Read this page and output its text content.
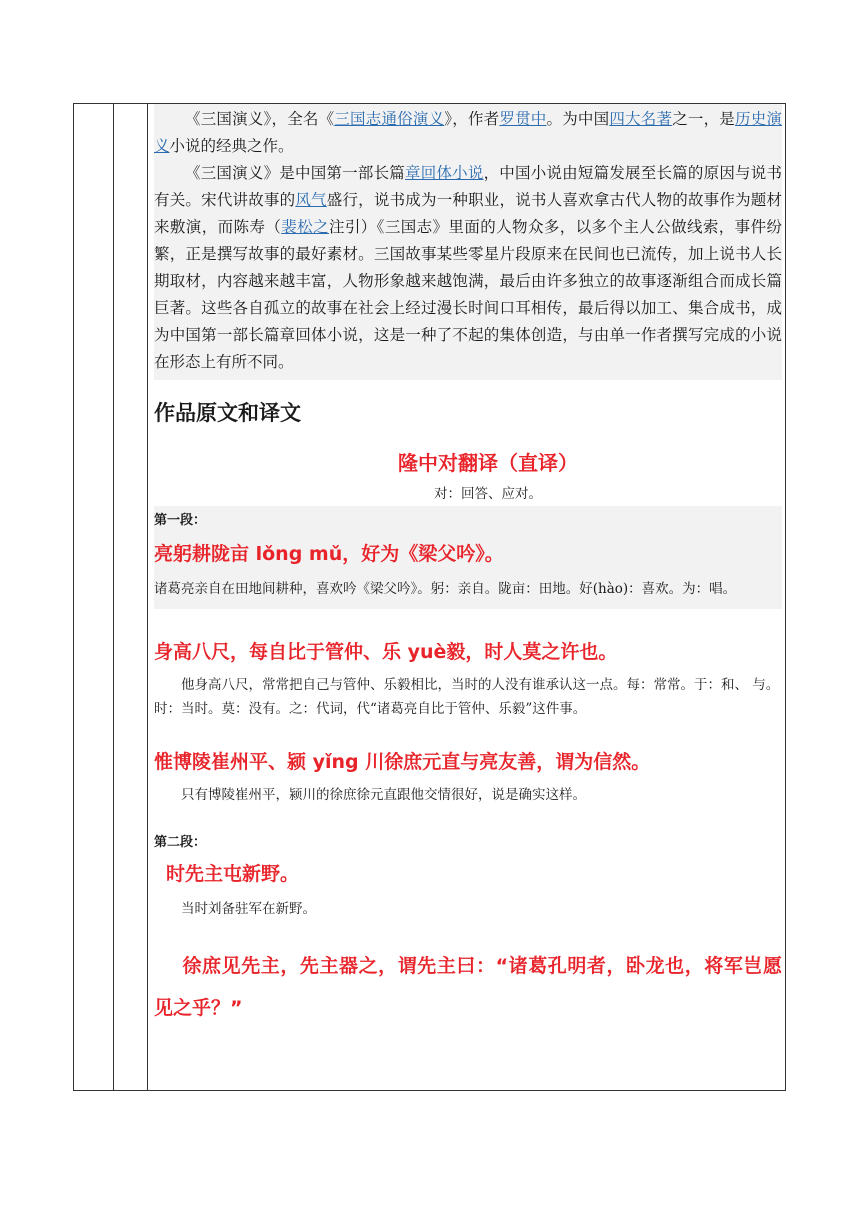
《三国演义》，全名《三国志通俗演义》，作者罗贯中。为中国四大名著之一，是历史演义小说的经典之作。

《三国演义》是中国第一部长篇章回体小说，中国小说由短篇发展至长篇的原因与说书有关。宋代讲故事的风气盛行，说书成为一种职业，说书人喜欢拿古代人物的故事作为题材来敷演，而陈寿（裴松之注引）《三国志》里面的人物众多，以多个主人公做线索，事件纷繁，正是撰写故事的最好素材。三国故事某些零星片段原来在民间也已流传，加上说书人长期取材，内容越来越丰富，人物形象越来越饱满，最后由许多独立的故事逐渐组合而成长篇巨著。这些各自孤立的故事在社会上经过漫长时间口耳相传，最后得以加工、集合成书，成为中国第一部长篇章回体小说，这是一种了不起的集体创造，与由单一作者撰写完成的小说在形态上有所不同。

作品原文和译文
隆中对翻译（直译）

对：回答、应对。

第一段：

亮躬耕陇亩 lǒng mǔ，好为《梁父吟》。

诸葛亮亲自在田地间耕种，喜欢吟《梁父吟》。躬：亲自。陇亩：田地。好(hào)：喜欢。为：唱。

身高八尺，每自比于管仲、乐 yuè毅，时人莫之许也。

他身高八尺，常常把自己与管仲、乐毅相比，当时的人没有谁承认这一点。每：常常。于：和、 与。时：当时。莫：没有。之：代词，代“诸葛亮自比于管仲、乐毅”这件事。

惟博陵崔州平、颍 yǐng 川徐庶元直与亮友善，谓为信然。

只有博陵崔州平，颍川的徐庶徐元直跟他交情很好，说是确实这样。

第二段：

时先主屯新野。

当时刘备驻军在新野。

徐庶见先主，先主器之，谓先主曰：“诸葛孔明者，卧龙也，将军岂愿见之乎？”
